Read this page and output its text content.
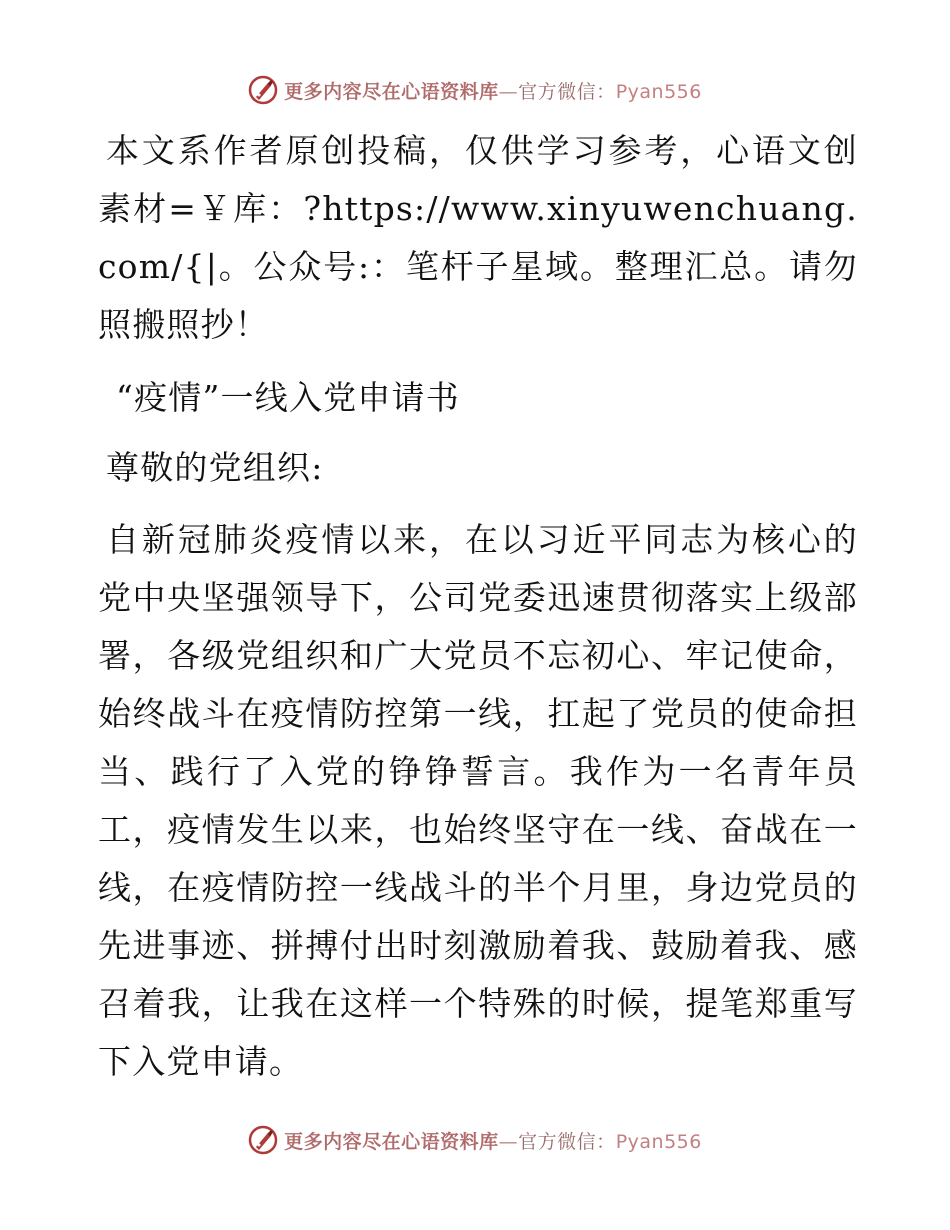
更多内容尽在心语资料库—官方微信：Pyan556

本文系作者原创投稿，仅供学习参考，心语文创素材=￥库：?https://www.xinyuwenchuang.com/{|。公众号:：笔杆子星域。整理汇总。请勿照搬照抄！

“疫情”一线入党申请书

尊敬的党组织:

自新冠肺炎疫情以来，在以习近平同志为核心的党中央坚强领导下，公司党委迅速贯彻落实上级部署，各级党组织和广大党员不忘初心、牢记使命，始终战斗在疫情防控第一线，扛起了党员的使命担当、践行了入党的铮铮誓言。我作为一名青年员工，疫情发生以来，也始终坚守在一线、奋战在一线，在疫情防控一线战斗的半个月里，身边党员的先进事迹、拼搏付出时刻激励着我、鼓励着我、感召着我，让我在这样一个特殊的时候，提笔郑重写下入党申请。

更多内容尽在心语资料库—官方微信：Pyan556
